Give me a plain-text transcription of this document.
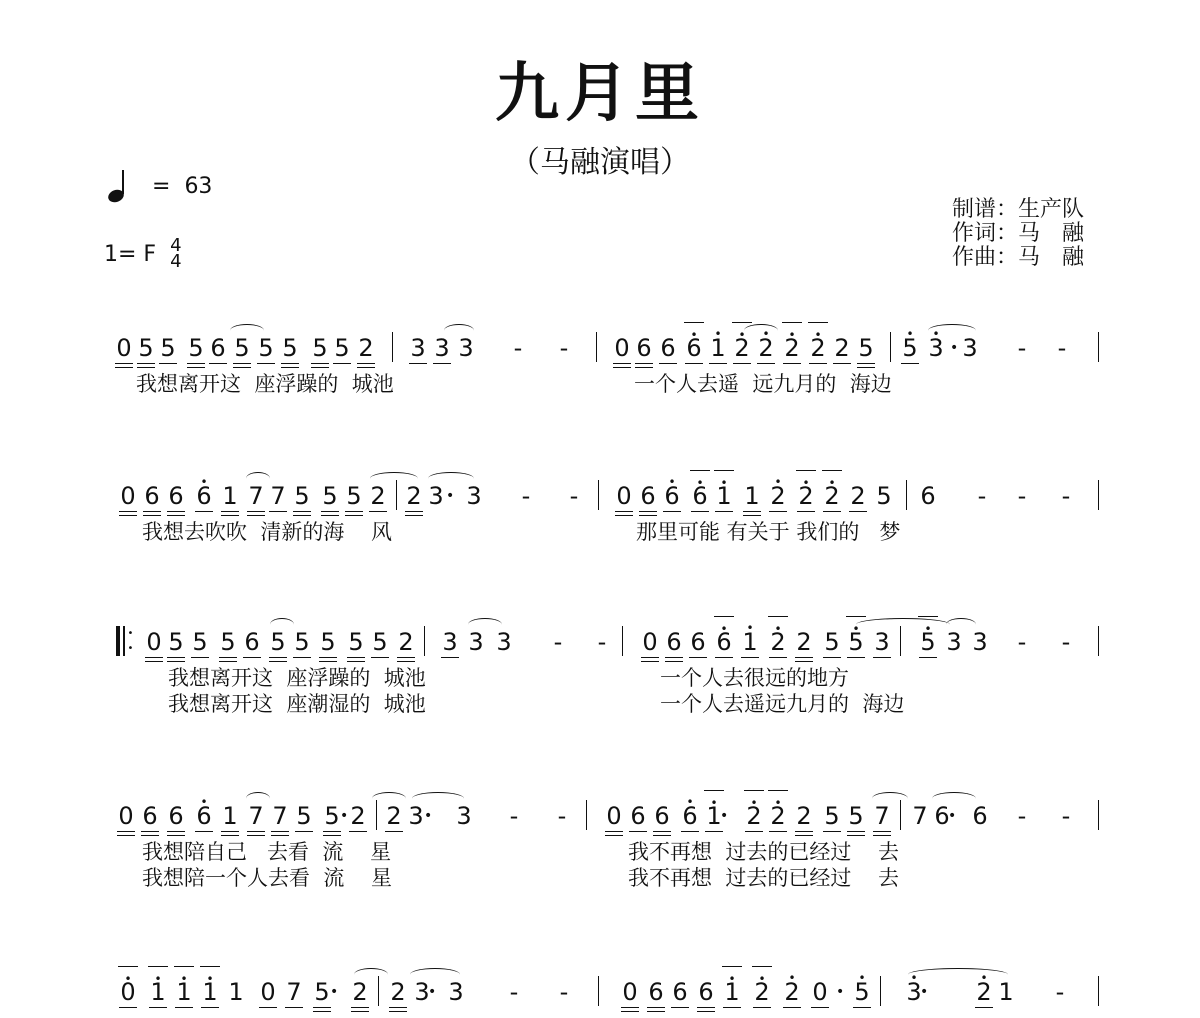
九月里
（马融演唱）
= 63
1= F 4
4
制谱：生产队
作词：马　融
作曲：马　融
0 5 5 5 6 5 5 5 5 5 2 3 3 3	-	-	0 6 6 • 6 • 1 • 2 • 2 • 2 • 2 2 5 • 5 • 3 3	-	-
•
我想离开这  座浮躁的  城池	一个人去遥  远九月的  海边
0 6 6 • 6 1 7 7 5 5 5 2 2 3 3	-	-	0 6 • 6 • 6 • 1 1 • 2 • 2 • 2 2 5 6	-	-	-
•
我想去吹吹  清新的海    风	那里可能 有关于 我们的   梦
•
• 0 5 5 5 6 5 5 5 5 5 2 3 3 3	-	-	0 6 6 • 6 • 1 • 2 2 5 • 5 3 • 5 3 3	-	-
我想离开这  座浮躁的  城池	一个人去很远的地方
我想离开这  座潮湿的  城池	一个人去遥远九月的  海边
0 6 6 • 6 1 7 7 5 5 2 2 3 3	-	-	0 6 6 • 6 • 1 • 2 • 2 2 5 5 7 7 6 6	-	-
•	•	•	•
我想陪自己   去看  流    星	我不再想  过去的已经过    去
我想陪一个人去看  流    星	我不再想  过去的已经过    去
• 0 • 1 • 1 • 1 1 0 7 5 2 2 3 3	-	-	0 6 6 6 • 1 • 2 • 2 0 • 5 • 3 • 2 1	-
•	•	•	•
